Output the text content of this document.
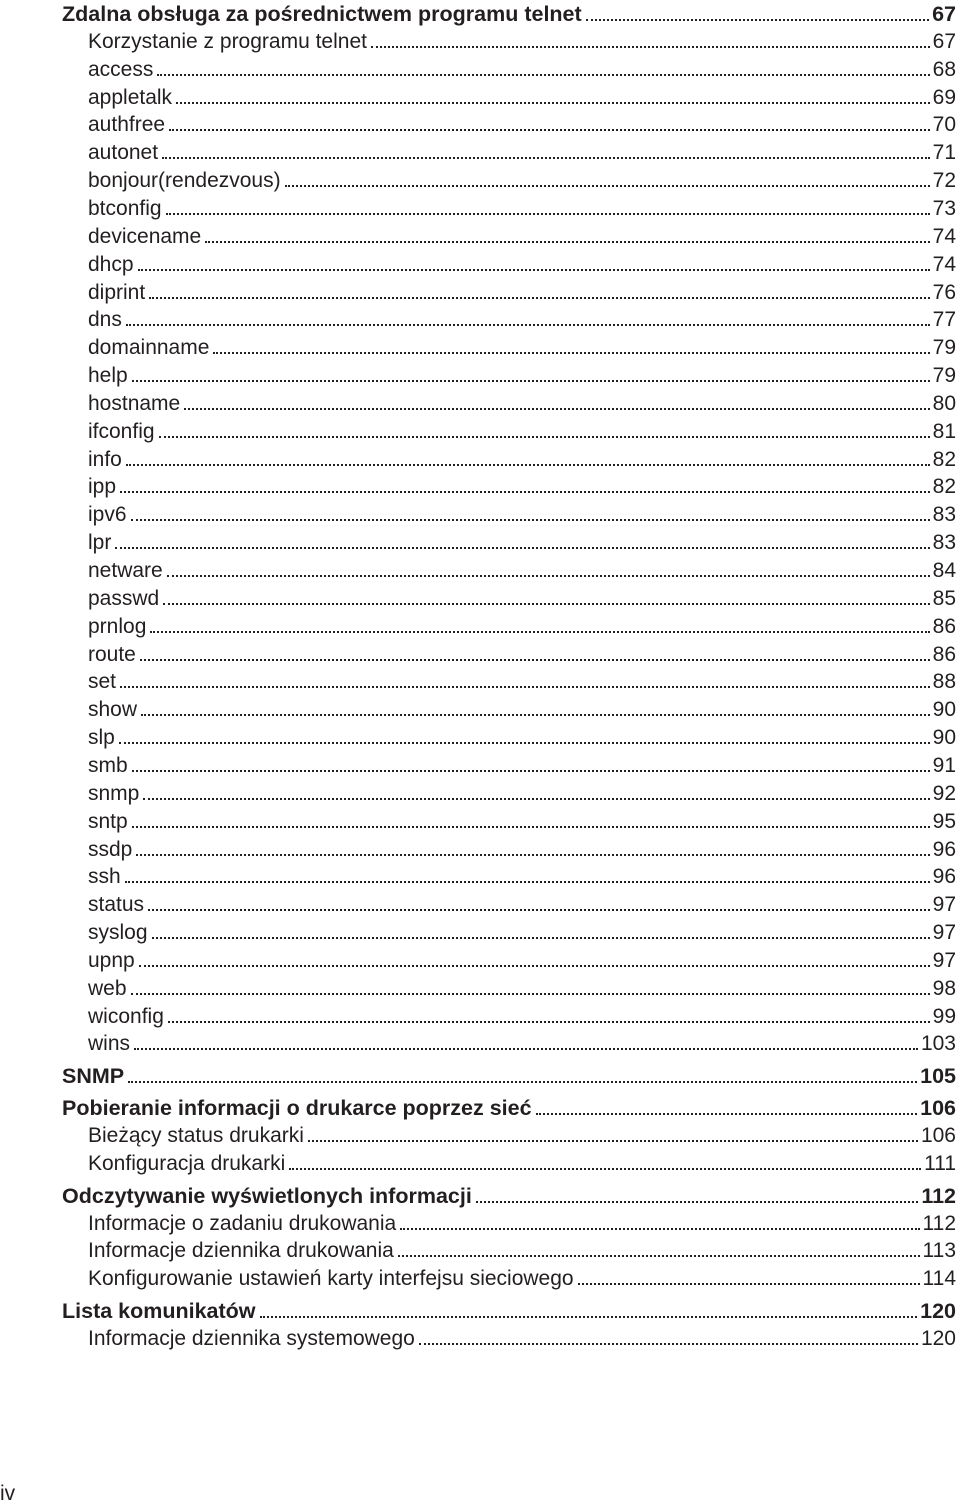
Zdalna obsługa za pośrednictwem programu telnet	67
Korzystanie z programu telnet	67
access	68
appletalk	69
authfree	70
autonet	71
bonjour(rendezvous)	72
btconfig	73
devicename	74
dhcp	74
diprint	76
dns	77
domainname	79
help	79
hostname	80
ifconfig	81
info	82
ipp	82
ipv6	83
lpr	83
netware	84
passwd	85
prnlog	86
route	86
set	88
show	90
slp	90
smb	91
snmp	92
sntp	95
ssdp	96
ssh	96
status	97
syslog	97
upnp	97
web	98
wiconfig	99
wins	103
SNMP	105
Pobieranie informacji o drukarce poprzez sieć	106
Bieżący status drukarki	106
Konfiguracja drukarki	111
Odczytywanie wyświetlonych informacji	112
Informacje o zadaniu drukowania	112
Informacje dziennika drukowania	113
Konfigurowanie ustawień karty interfejsu sieciowego	114
Lista komunikatów	120
Informacje dziennika systemowego	120
iv
